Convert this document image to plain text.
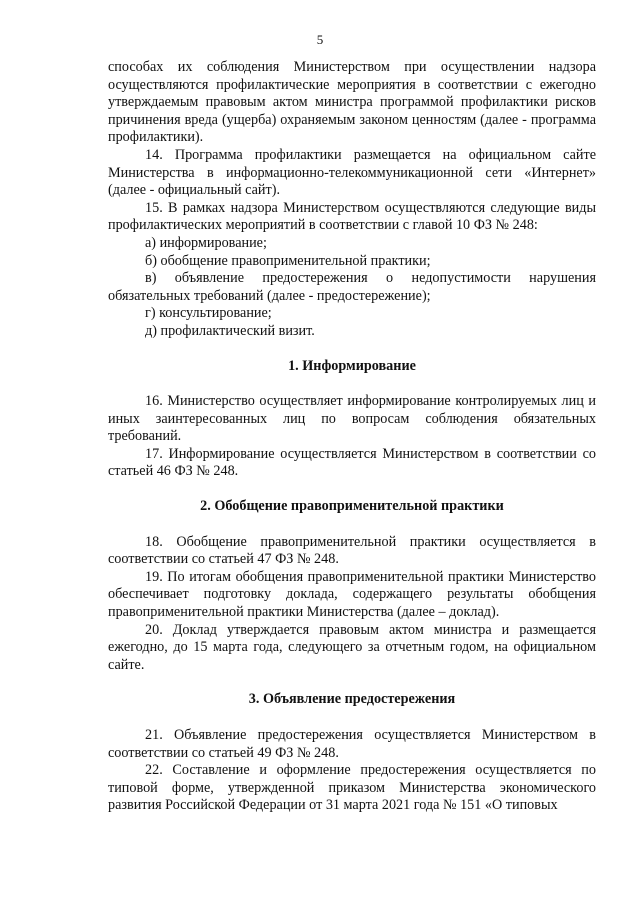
5

способах их соблюдения Министерством при осуществлении надзора осуществляются профилактические мероприятия в соответствии с ежегодно утверждаемым правовым актом министра программой профилактики рисков причинения вреда (ущерба) охраняемым законом ценностям (далее - программа профилактики).

14. Программа профилактики размещается на официальном сайте Министерства в информационно-телекоммуникационной сети «Интернет» (далее - официальный сайт).

15. В рамках надзора Министерством осуществляются следующие виды профилактических мероприятий в соответствии с главой 10 ФЗ № 248:

а) информирование;

б) обобщение правоприменительной практики;

в) объявление предостережения о недопустимости нарушения обязательных требований (далее - предостережение);

г) консультирование;

д) профилактический визит.

1. Информирование

16. Министерство осуществляет информирование контролируемых лиц и иных заинтересованных лиц по вопросам соблюдения обязательных требований.

17. Информирование осуществляется Министерством в соответствии со статьей 46 ФЗ № 248.

2. Обобщение правоприменительной практики

18. Обобщение правоприменительной практики осуществляется в соответствии со статьей 47 ФЗ № 248.

19. По итогам обобщения правоприменительной практики Министерство обеспечивает подготовку доклада, содержащего результаты обобщения правоприменительной практики Министерства (далее – доклад).

20. Доклад утверждается правовым актом министра и размещается ежегодно, до 15 марта года, следующего за отчетным годом, на официальном сайте.

3. Объявление предостережения

21. Объявление предостережения осуществляется Министерством в соответствии со статьей 49 ФЗ № 248.

22. Составление и оформление предостережения осуществляется по типовой форме, утвержденной приказом Министерства экономического развития Российской Федерации от 31 марта 2021 года № 151 «О типовых
